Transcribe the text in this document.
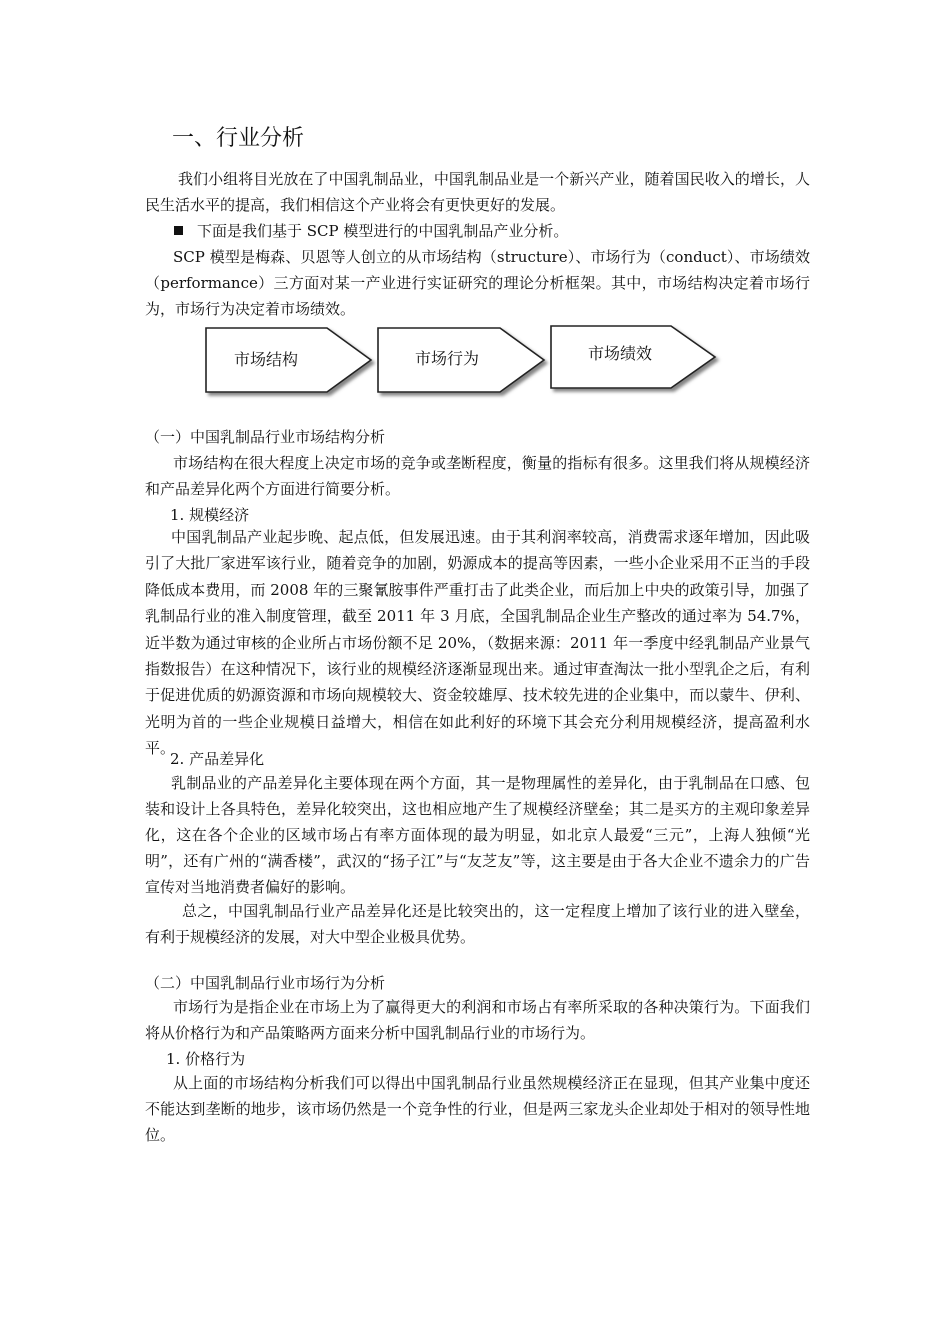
一、行业分析
我们小组将目光放在了中国乳制品业，中国乳制品业是一个新兴产业，随着国民收入的增长，人民生活水平的提高，我们相信这个产业将会有更快更好的发展。
下面是我们基于 SCP 模型进行的中国乳制品产业分析。
SCP 模型是梅森、贝恩等人创立的从市场结构（structure）、市场行为（conduct）、市场绩效（performance）三方面对某一产业进行实证研究的理论分析框架。其中，市场结构决定着市场行为，市场行为决定着市场绩效。
市场结构	市场行为	市场绩效
（一）中国乳制品行业市场结构分析
市场结构在很大程度上决定市场的竞争或垄断程度，衡量的指标有很多。这里我们将从规模经济和产品差异化两个方面进行简要分析。
1. 规模经济
中国乳制品产业起步晚、起点低，但发展迅速。由于其利润率较高，消费需求逐年增加，因此吸引了大批厂家进军该行业，随着竞争的加剧，奶源成本的提高等因素，一些小企业采用不正当的手段降低成本费用，而 2008 年的三聚氰胺事件严重打击了此类企业，而后加上中央的政策引导，加强了乳制品行业的准入制度管理，截至 2011 年 3 月底，全国乳制品企业生产整改的通过率为 54.7%，近半数为通过审核的企业所占市场份额不足 20%，（数据来源：2011 年一季度中经乳制品产业景气指数报告）在这种情况下，该行业的规模经济逐渐显现出来。通过审查淘汰一批小型乳企之后，有利于促进优质的奶源资源和市场向规模较大、资金较雄厚、技术较先进的企业集中，而以蒙牛、伊利、光明为首的一些企业规模日益增大，相信在如此利好的环境下其会充分利用规模经济，提高盈利水平。
2. 产品差异化
乳制品业的产品差异化主要体现在两个方面，其一是物理属性的差异化，由于乳制品在口感、包装和设计上各具特色，差异化较突出，这也相应地产生了规模经济壁垒；其二是买方的主观印象差异化，这在各个企业的区域市场占有率方面体现的最为明显，如北京人最爱“三元”，上海人独倾“光明”，还有广州的“满香楼”，武汉的“扬子江”与“友芝友”等，这主要是由于各大企业不遗余力的广告宣传对当地消费者偏好的影响。
总之，中国乳制品行业产品差异化还是比较突出的，这一定程度上增加了该行业的进入壁垒，有利于规模经济的发展，对大中型企业极具优势。
（二）中国乳制品行业市场行为分析
市场行为是指企业在市场上为了赢得更大的利润和市场占有率所采取的各种决策行为。下面我们将从价格行为和产品策略两方面来分析中国乳制品行业的市场行为。
1. 价格行为
从上面的市场结构分析我们可以得出中国乳制品行业虽然规模经济正在显现，但其产业集中度还不能达到垄断的地步，该市场仍然是一个竞争性的行业，但是两三家龙头企业却处于相对的领导性地位。
